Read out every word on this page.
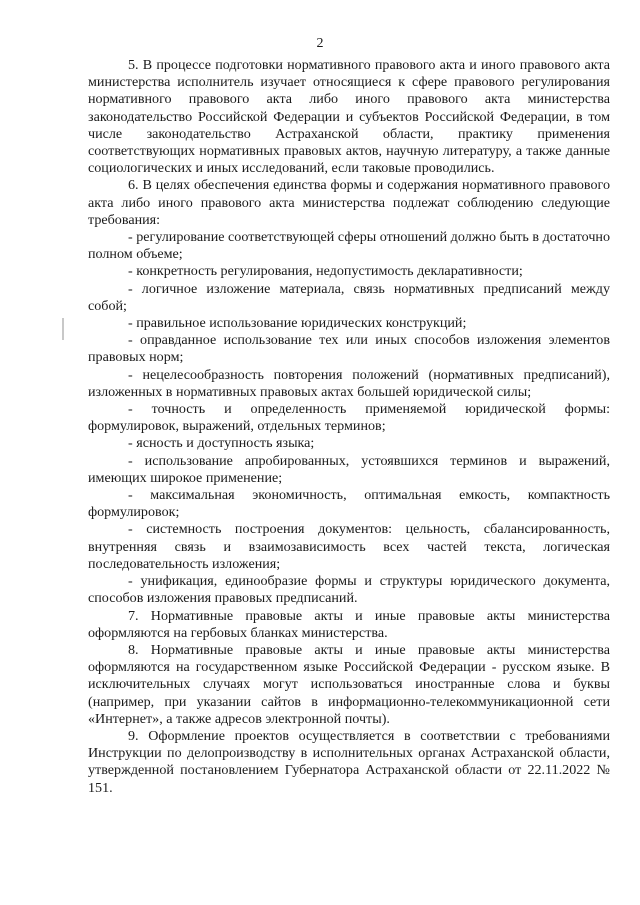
2

5. В процессе подготовки нормативного правового акта и иного правового акта министерства исполнитель изучает относящиеся к сфере правового регулирования нормативного правового акта либо иного правового акта министерства законодательство Российской Федерации и субъектов Российской Федерации, в том числе законодательство Астраханской области, практику применения соответствующих нормативных правовых актов, научную литературу, а также данные социологических и иных исследований, если таковые проводились.

6. В целях обеспечения единства формы и содержания нормативного правового акта либо иного правового акта министерства подлежат соблюдению следующие требования:

- регулирование соответствующей сферы отношений должно быть в достаточно полном объеме;

- конкретность регулирования, недопустимость декларативности;

- логичное изложение материала, связь нормативных предписаний между собой;

- правильное использование юридических конструкций;

- оправданное использование тех или иных способов изложения элементов правовых норм;

- нецелесообразность повторения положений (нормативных предписаний), изложенных в нормативных правовых актах большей юридической силы;

- точность и определенность применяемой юридической формы: формулировок, выражений, отдельных терминов;

- ясность и доступность языка;

- использование апробированных, устоявшихся терминов и выражений, имеющих широкое применение;

- максимальная экономичность, оптимальная емкость, компактность формулировок;

- системность построения документов: цельность, сбалансированность, внутренняя связь и взаимозависимость всех частей текста, логическая последовательность изложения;

- унификация, единообразие формы и структуры юридического документа, способов изложения правовых предписаний.

7. Нормативные правовые акты и иные правовые акты министерства оформляются на гербовых бланках министерства.

8. Нормативные правовые акты и иные правовые акты министерства оформляются на государственном языке Российской Федерации - русском языке. В исключительных случаях могут использоваться иностранные слова и буквы (например, при указании сайтов в информационно-телекоммуникационной сети «Интернет», а также адресов электронной почты).

9. Оформление проектов осуществляется в соответствии с требованиями Инструкции по делопроизводству в исполнительных органах Астраханской области, утвержденной постановлением Губернатора Астраханской области от 22.11.2022 № 151.
